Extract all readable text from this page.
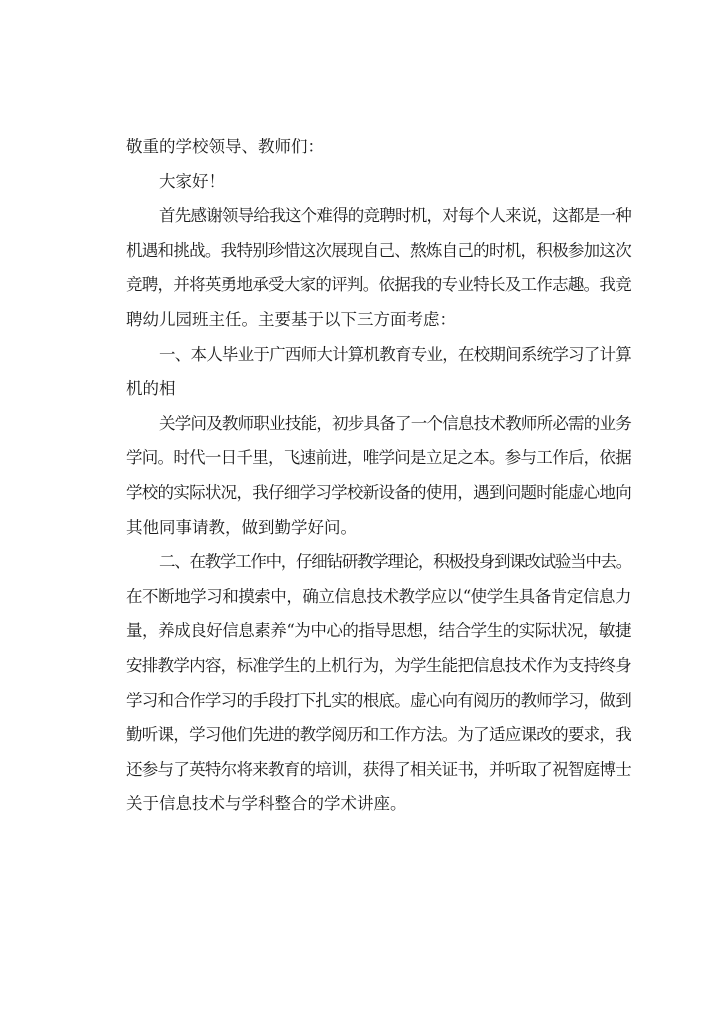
敬重的学校领导、教师们：
大家好！
首先感谢领导给我这个难得的竞聘时机，对每个人来说，这都是一种
机遇和挑战。我特别珍惜这次展现自己、熬炼自己的时机，积极参加这次
竞聘，并将英勇地承受大家的评判。依据我的专业特长及工作志趣。我竞
聘幼儿园班主任。主要基于以下三方面考虑：
一、本人毕业于广西师大计算机教育专业，在校期间系统学习了计算
机的相
关学问及教师职业技能，初步具备了一个信息技术教师所必需的业务
学问。时代一日千里，飞速前进，唯学问是立足之本。参与工作后，依据
学校的实际状况，我仔细学习学校新设备的使用，遇到问题时能虚心地向
其他同事请教，做到勤学好问。
二、在教学工作中，仔细钻研教学理论，积极投身到课改试验当中去。
在不断地学习和摸索中，确立信息技术教学应以“使学生具备肯定信息力
量，养成良好信息素养“为中心的指导思想，结合学生的实际状况，敏捷
安排教学内容，标准学生的上机行为，为学生能把信息技术作为支持终身
学习和合作学习的手段打下扎实的根底。虚心向有阅历的教师学习，做到
勤听课，学习他们先进的教学阅历和工作方法。为了适应课改的要求，我
还参与了英特尔将来教育的培训，获得了相关证书，并听取了祝智庭博士
关于信息技术与学科整合的学术讲座。
